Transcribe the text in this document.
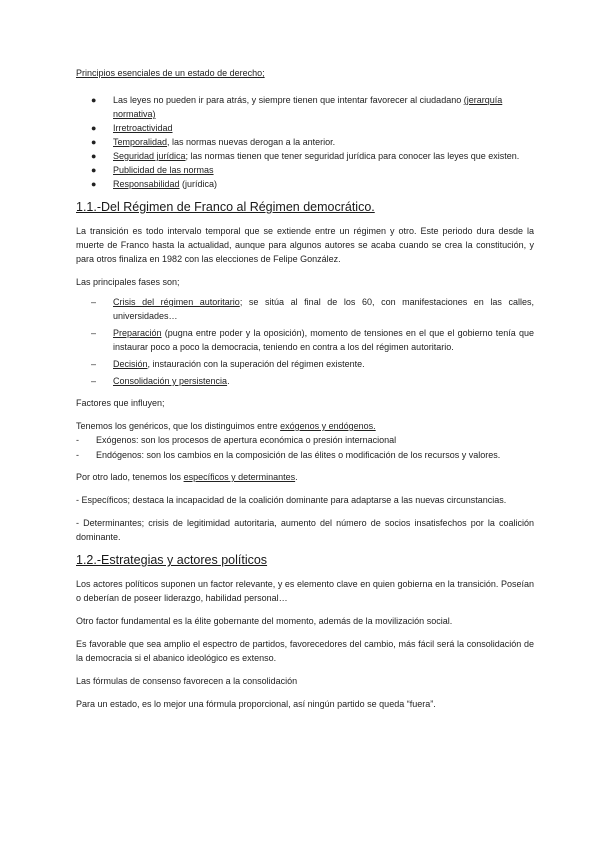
Principios esenciales de un estado de derecho;

● Las leyes no pueden ir para atrás, y siempre tienen que intentar favorecer al ciudadano (jerarquía normativa)
● Irretroactividad
● Temporalidad, las normas nuevas derogan a la anterior.
● Seguridad jurídica; las normas tienen que tener seguridad jurídica para conocer las leyes que existen.
● Publicidad de las normas
● Responsabilidad (jurídica)
1.1.-Del Régimen de Franco al Régimen democrático.

La transición es todo intervalo temporal que se extiende entre un régimen y otro. Este periodo dura desde la muerte de Franco hasta la actualidad, aunque para algunos autores se acaba cuando se crea la constitución, y para otros finaliza en 1982 con las elecciones de Felipe González.

Las principales fases son;

– Crisis del régimen autoritario; se sitúa al final de los 60, con manifestaciones en las calles, universidades…
– Preparación (pugna entre poder y la oposición), momento de tensiones en el que el gobierno tenía que instaurar poco a poco la democracia, teniendo en contra a los del régimen autoritario.
– Decisión, instauración con la superación del régimen existente.
– Consolidación y persistencia.

Factores que influyen;

Tenemos los genéricos, que los distinguimos entre exógenos y endógenos.

- Exógenos: son los procesos de apertura económica o presión internacional
- Endógenos: son los cambios en la composición de las élites o modificación de los recursos y valores.

Por otro lado, tenemos los específicos y determinantes.

- Específicos; destaca la incapacidad de la coalición dominante para adaptarse a las nuevas circunstancias.

- Determinantes; crisis de legitimidad autoritaria, aumento del número de socios insatisfechos por la coalición dominante.

1.2.-Estrategias y actores políticos

Los actores políticos suponen un factor relevante, y es elemento clave en quien gobierna en la transición. Poseían o deberían de poseer liderazgo, habilidad personal…

Otro factor fundamental es la élite gobernante del momento, además de la movilización social.

Es favorable que sea amplio el espectro de partidos, favorecedores del cambio, más fácil será la consolidación de la democracia si el abanico ideológico es extenso.

Las fórmulas de consenso favorecen a la consolidación

Para un estado, es lo mejor una fórmula proporcional, así ningún partido se queda “fuera”.
